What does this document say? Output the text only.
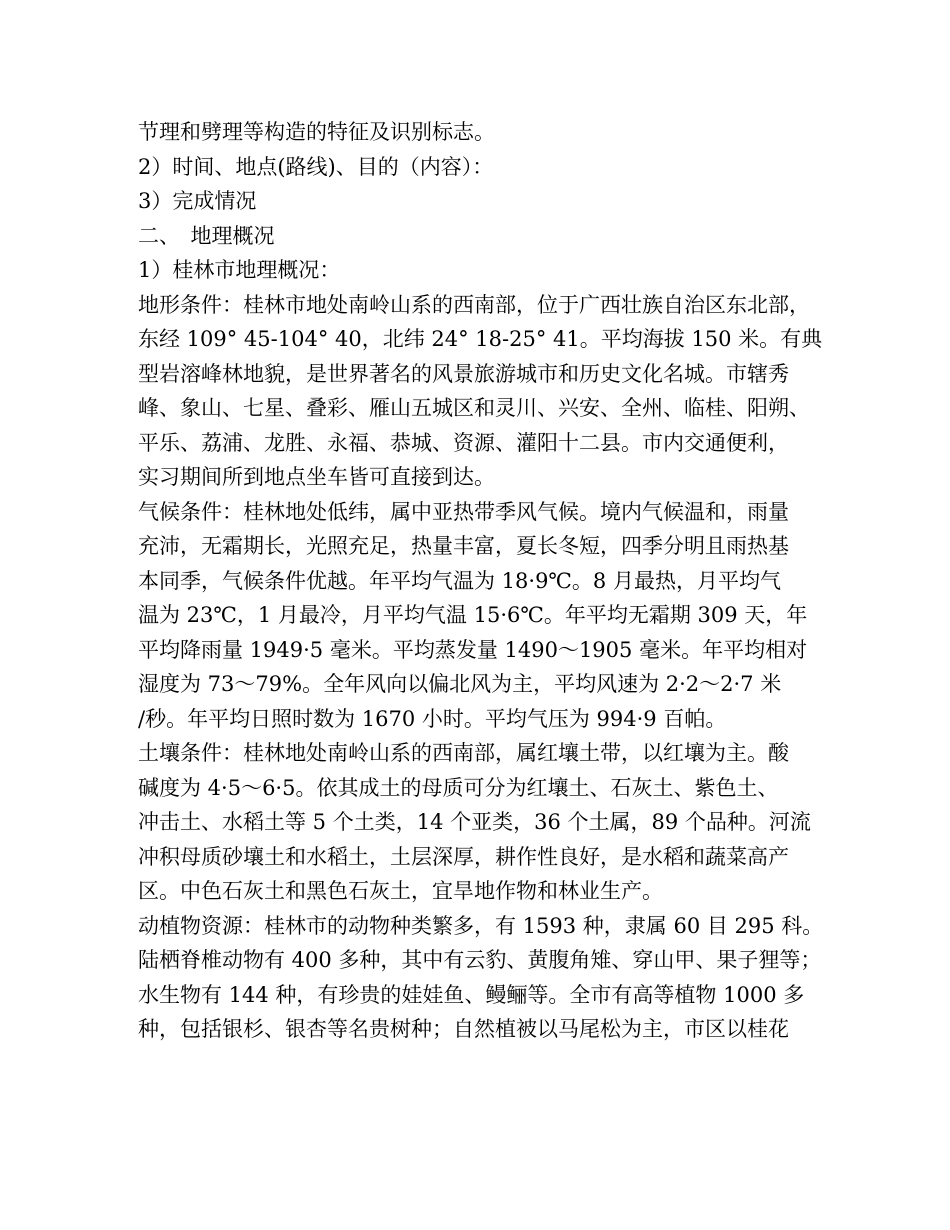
节理和劈理等构造的特征及识别标志。

2）时间、地点(路线)、目的（内容）：

3）完成情况

二、　地理概况

1）桂林市地理概况：

地形条件：桂林市地处南岭山系的西南部，位于广西壮族自治区东北部，

东经 109° 45-104° 40，北纬 24° 18-25° 41。平均海拔 150 米。有典

型岩溶峰林地貌，是世界著名的风景旅游城市和历史文化名城。市辖秀

峰、象山、七星、叠彩、雁山五城区和灵川、兴安、全州、临桂、阳朔、

平乐、荔浦、龙胜、永福、恭城、资源、灌阳十二县。市内交通便利，

实习期间所到地点坐车皆可直接到达。

气候条件：桂林地处低纬，属中亚热带季风气候。境内气候温和，雨量

充沛，无霜期长，光照充足，热量丰富，夏长冬短，四季分明且雨热基

本同季，气候条件优越。年平均气温为 18·9℃。8 月最热，月平均气

温为 23℃，1 月最冷，月平均气温 15·6℃。年平均无霜期 309 天，年

平均降雨量 1949·5 毫米。平均蒸发量 1490～1905 毫米。年平均相对

湿度为 73～79%。全年风向以偏北风为主，平均风速为 2·2～2·7 米

/秒。年平均日照时数为 1670 小时。平均气压为 994·9 百帕。

土壤条件：桂林地处南岭山系的西南部，属红壤土带，以红壤为主。酸

碱度为 4·5～6·5。依其成土的母质可分为红壤土、石灰土、紫色土、

冲击土、水稻土等 5 个土类，14 个亚类，36 个土属，89 个品种。河流

冲积母质砂壤土和水稻土，土层深厚，耕作性良好，是水稻和蔬菜高产

区。中色石灰土和黑色石灰土，宜旱地作物和林业生产。

动植物资源：桂林市的动物种类繁多，有 1593 种，隶属 60 目 295 科。

陆栖脊椎动物有 400 多种，其中有云豹、黄腹角雉、穿山甲、果子狸等；

水生物有 144 种，有珍贵的娃娃鱼、鳗鲡等。全市有高等植物 1000 多

种，包括银杉、银杏等名贵树种；自然植被以马尾松为主，市区以桂花
